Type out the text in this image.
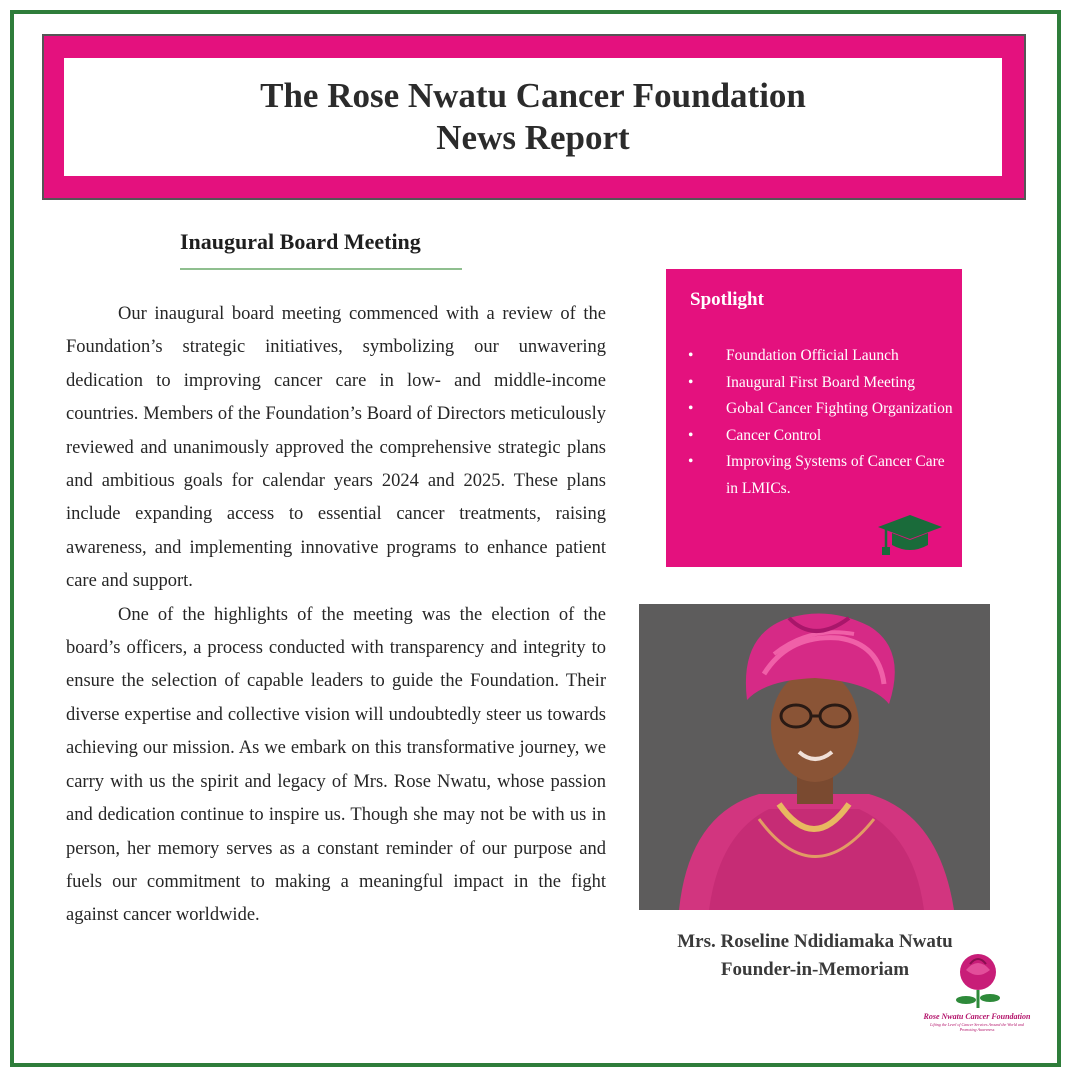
The Rose Nwatu Cancer Foundation
News Report
Inaugural Board Meeting

Our inaugural board meeting commenced with a review of the Foundation’s strategic initiatives, symbolizing our unwavering dedication to improving cancer care in low- and middle-income countries. Members of the Foundation’s Board of Directors meticulously reviewed and unanimously approved the comprehensive strategic plans and ambitious goals for calendar years 2024 and 2025. These plans include expanding access to essential cancer treatments, raising awareness, and implementing innovative programs to enhance patient care and support.

One of the highlights of the meeting was the election of the board’s officers, a process conducted with transparency and integrity to ensure the selection of capable leaders to guide the Foundation. Their diverse expertise and collective vision will undoubtedly steer us towards achieving our mission. As we embark on this transformative journey, we carry with us the spirit and legacy of Mrs. Rose Nwatu, whose passion and dedication continue to inspire us. Though she may not be with us in person, her memory serves as a constant reminder of our purpose and fuels our commitment to making a meaningful impact in the fight against cancer worldwide.

Spotlight
• Foundation Official Launch
• Inaugural First Board Meeting
• Gobal Cancer Fighting Organization
• Cancer Control
• Improving Systems of Cancer Care in LMICs.
Mrs. Roseline Ndidiamaka Nwatu
Founder-in-Memoriam
Rose Nwatu Cancer Foundation
Lifting the Level of Cancer Services Around the World and Promoting Awareness
